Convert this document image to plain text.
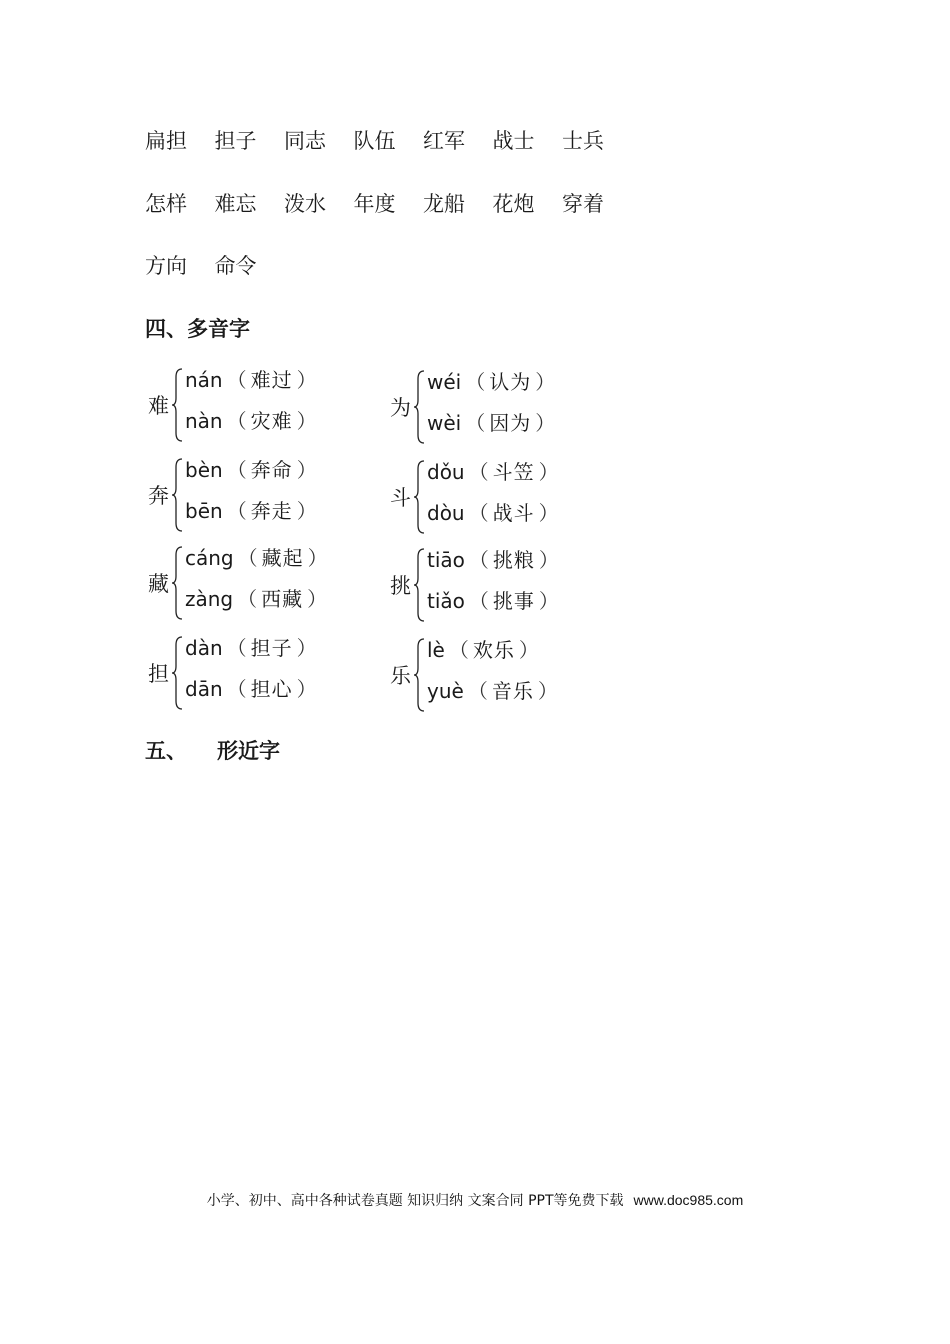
扁担	担子	同志	队伍	红军	战士	士兵
怎样	难忘	泼水	年度	龙船	花炮	穿着
方向	命令
四、多音字
难
nán （ 难过 ）
nàn （ 灾难 ）
为
wéi （ 认为 ）
wèi （ 因为 ）
奔
bèn （ 奔命 ）
bēn （ 奔走 ）
斗
dǒu （ 斗笠 ）
dòu （ 战斗 ）
藏
cáng （ 藏起 ）
zàng （ 西藏 ）
挑
tiāo （ 挑粮 ）
tiǎo （ 挑事 ）
担
dàn （ 担子 ）
dān （ 担心 ）
乐
lè （ 欢乐 ）
yuè （ 音乐 ）
五、 形近字
小学、初中、高中各种试卷真题 知识归纳 文案合同 PPT等免费下载 www.doc985.com
